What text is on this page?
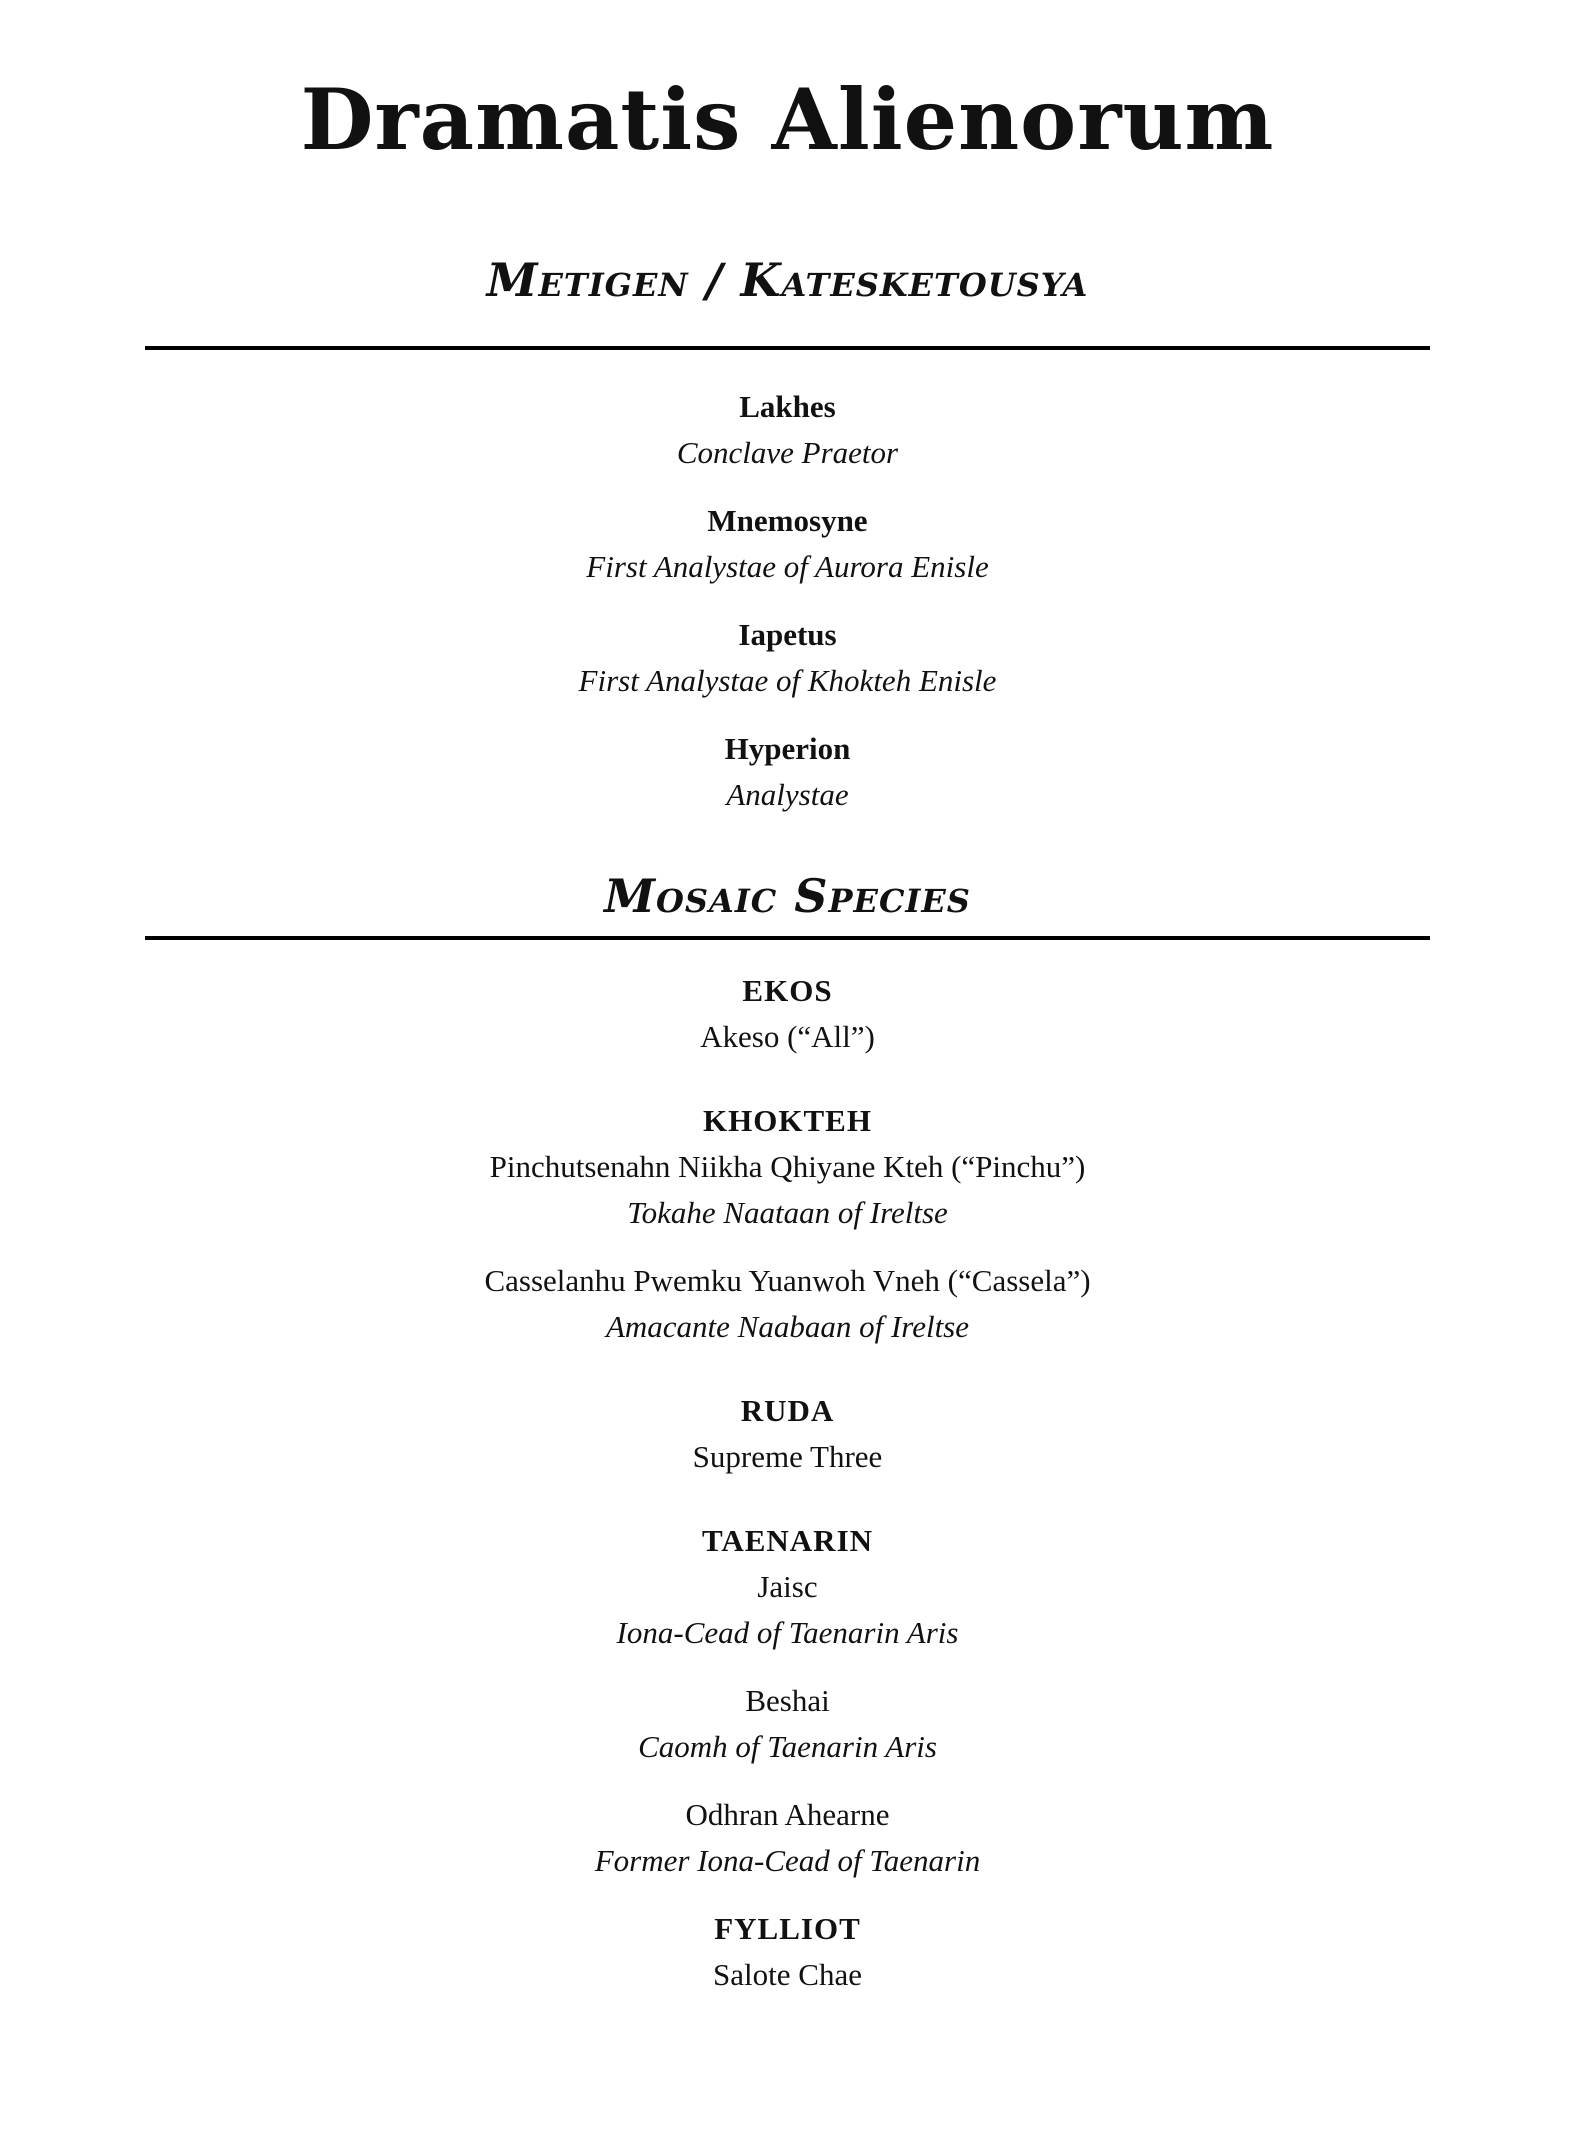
Dramatis Alienorum
Metigen / Katesketousya
Lakhes
Conclave Praetor
Mnemosyne
First Analystae of Aurora Enisle
Iapetus
First Analystae of Khokteh Enisle
Hyperion
Analystae
Mosaic Species
EKOS
Akeso (“All”)
KHOKTEH
Pinchutsenahn Niikha Qhiyane Kteh (“Pinchu”)
Tokahe Naataan of Ireltse
Casselanhu Pwemku Yuanwoh Vneh (“Cassela”)
Amacante Naabaan of Ireltse
RUDA
Supreme Three
TAENARIN
Jaisc
Iona-Cead of Taenarin Aris
Beshai
Caomh of Taenarin Aris
Odhran Ahearne
Former Iona-Cead of Taenarin
FYLLIOT
Salote Chae
